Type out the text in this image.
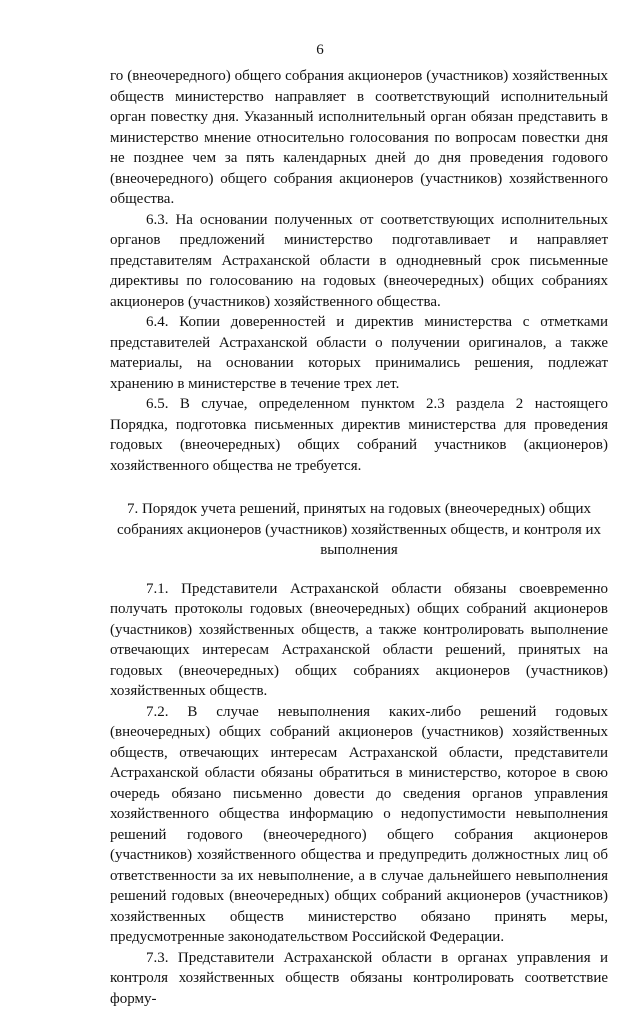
6

го (внеочередного) общего собрания акционеров (участников) хозяйственных обществ министерство направляет в соответствующий исполнительный орган повестку дня. Указанный исполнительный орган обязан представить в министерство мнение относительно голосования по вопросам повестки дня не позднее чем за пять календарных дней до дня проведения годового (внеочередного) общего собрания акционеров (участников) хозяйственного общества.

6.3. На основании полученных от соответствующих исполнительных органов предложений министерство подготавливает и направляет представителям Астраханской области в однодневный срок письменные директивы по голосованию на годовых (внеочередных) общих собраниях акционеров (участников) хозяйственного общества.

6.4. Копии доверенностей и директив министерства с отметками представителей Астраханской области о получении оригиналов, а также материалы, на основании которых принимались решения, подлежат хранению в министерстве в течение трех лет.

6.5. В случае, определенном пунктом 2.3 раздела 2 настоящего Порядка, подготовка письменных директив министерства для проведения годовых (внеочередных) общих собраний участников (акционеров) хозяйственного общества не требуется.

7. Порядок учета решений, принятых на годовых (внеочередных) общих собраниях акционеров (участников) хозяйственных обществ, и контроля их выполнения

7.1. Представители Астраханской области обязаны своевременно получать протоколы годовых (внеочередных) общих собраний акционеров (участников) хозяйственных обществ, а также контролировать выполнение отвечающих интересам Астраханской области решений, принятых на годовых (внеочередных) общих собраниях акционеров (участников) хозяйственных обществ.

7.2. В случае невыполнения каких-либо решений годовых (внеочередных) общих собраний акционеров (участников) хозяйственных обществ, отвечающих интересам Астраханской области, представители Астраханской области обязаны обратиться в министерство, которое в свою очередь обязано письменно довести до сведения органов управления хозяйственного общества информацию о недопустимости невыполнения решений годового (внеочередного) общего собрания акционеров (участников) хозяйственного общества и предупредить должностных лиц об ответственности за их невыполнение, а в случае дальнейшего невыполнения решений годовых (внеочередных) общих собраний акционеров (участников) хозяйственных обществ министерство обязано принять меры, предусмотренные законодательством Российской Федерации.

7.3. Представители Астраханской области в органах управления и контроля хозяйственных обществ обязаны контролировать соответствие форму-
